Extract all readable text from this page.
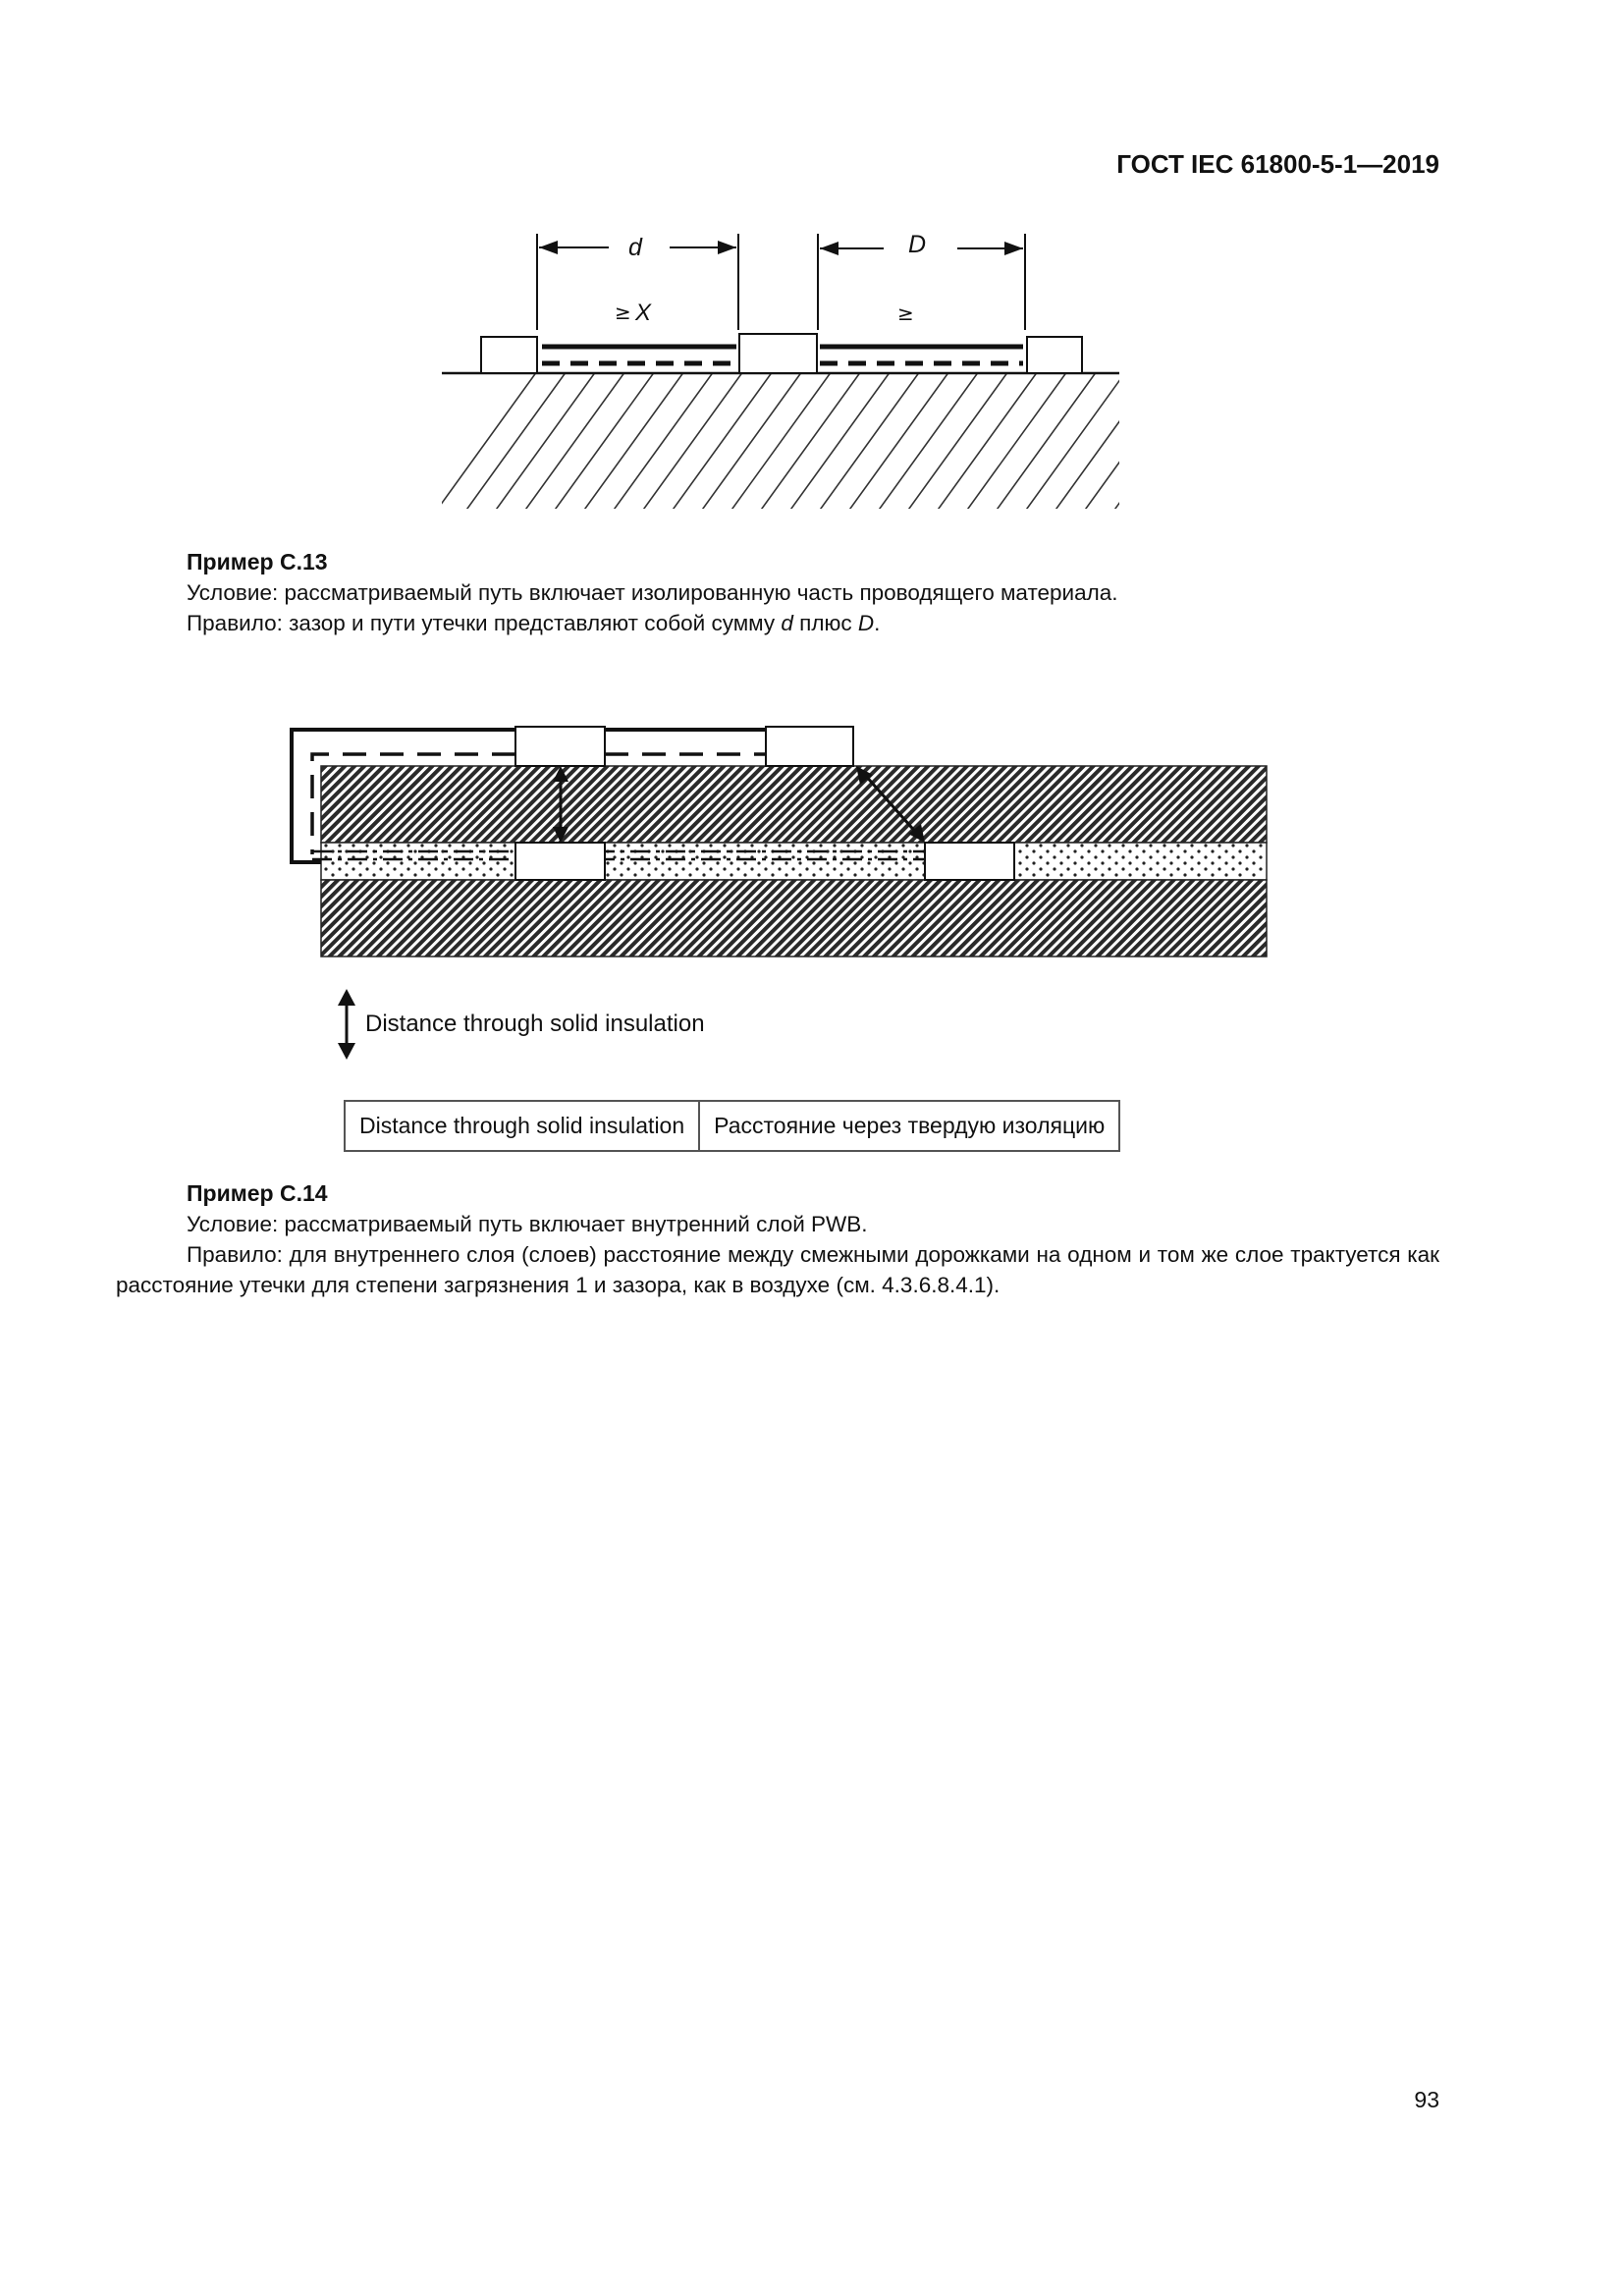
ГОСТ IEC 61800-5-1—2019
d	D
≥ X	≥
Пример C.13
Условие: рассматриваемый путь включает изолированную часть проводящего материала.
Правило: зазор и пути утечки представляют собой сумму d плюс D.
Distance through solid insulation
Distance through solid insulation	Расстояние через твердую изоляцию
Пример C.14
Условие: рассматриваемый путь включает внутренний слой PWB.
Правило: для внутреннего слоя (слоев) расстояние между смежными дорожками на одном и том же слое трактуется как расстояние утечки для степени загрязнения 1 и зазора, как в воздухе (см. 4.3.6.8.4.1).
93
